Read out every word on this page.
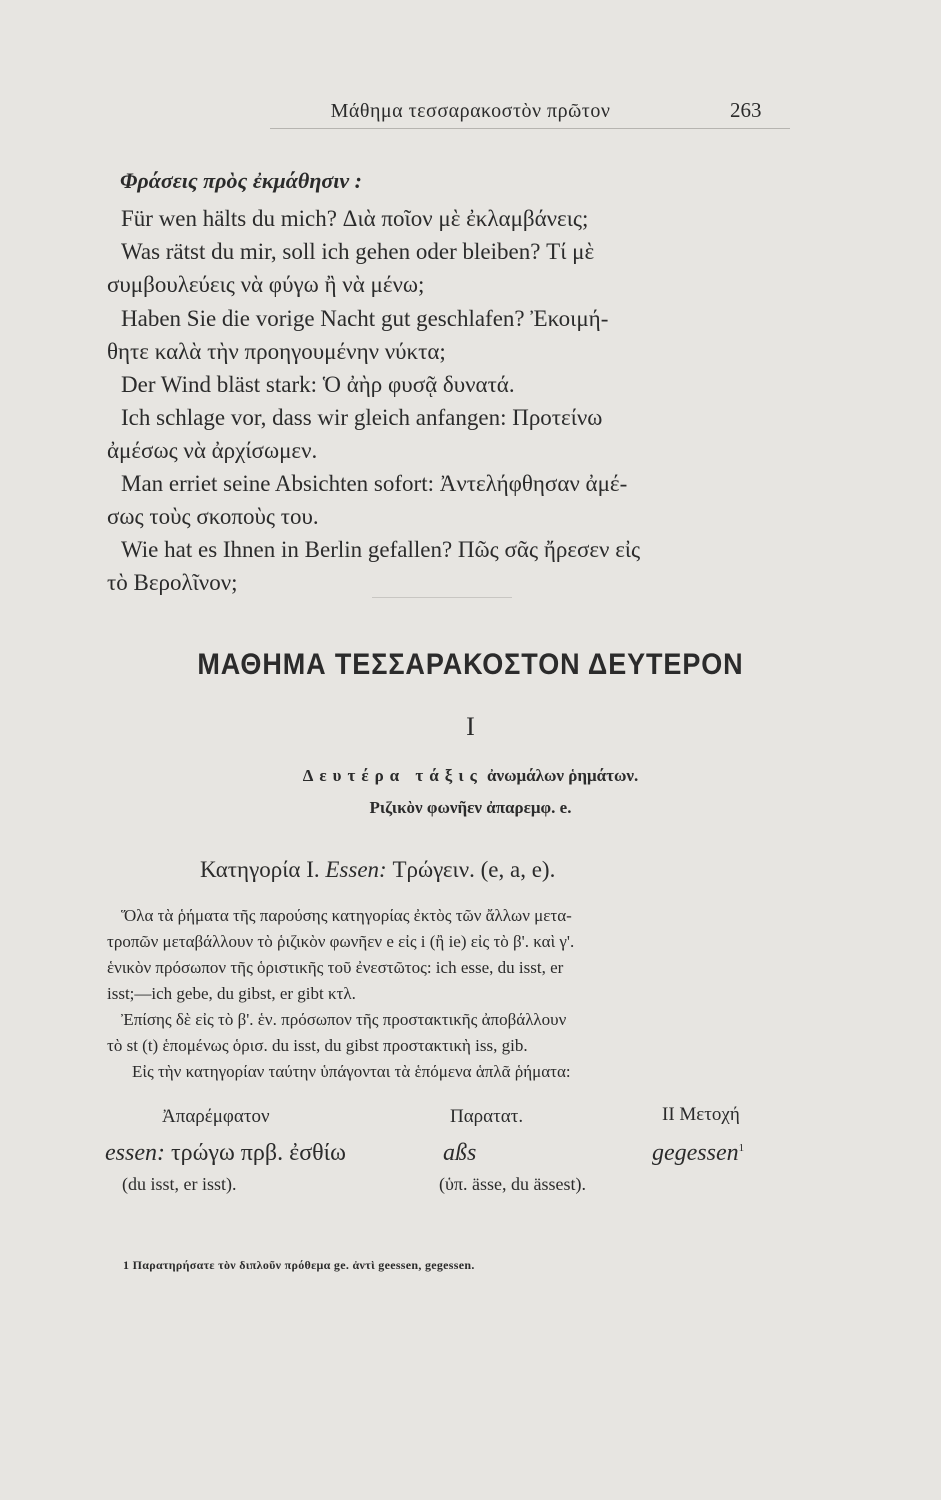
Μάθημα τεσσαρακοστὸν πρῶτον	263
Φράσεις πρὸς ἐκμάθησιν :
Für wen hälts du mich? Διὰ ποῖον μὲ ἐκλαμβάνεις;
Was rätst du mir, soll ich gehen oder bleiben? Τί μὲ
συμβουλεύεις νὰ φύγω ἢ νὰ μένω;
Haben Sie die vorige Nacht gut geschlafen? Ἐκοιμή-
θητε καλὰ τὴν προηγουμένην νύκτα;
Der Wind bläst stark: Ὁ ἀὴρ φυσᾷ δυνατά.
Ich schlage vor, dass wir gleich anfangen: Προτείνω
ἀμέσως νὰ ἀρχίσωμεν.
Man erriet seine Absichten sofort: Ἀντελήφθησαν ἀμέ-
σως τοὺς σκοποὺς του.
Wie hat es Ihnen in Berlin gefallen? Πῶς σᾶς ἤρεσεν εἰς
τὸ Βερολῖνον;
ΜΑΘΗΜΑ ΤΕΣΣΑΡΑΚΟΣΤΟΝ ΔΕΥΤΕΡΟΝ
I
Δευτέρα τάξις ἀνωμάλων ῥημάτων.
Ριζικὸν φωνῆεν ἀπαρεμφ. e.
Κατηγορία I. Essen: Τρώγειν. (e, a, e).
Ὅλα τὰ ῥήματα τῆς παρούσης κατηγορίας ἐκτὸς τῶν ἄλλων μετα-
τροπῶν μεταβάλλουν τὸ ῥιζικὸν φωνῆεν e εἰς i (ἢ ie) εἰς τὸ β'. καὶ γ'.
ἑνικὸν πρόσωπον τῆς ὁριστικῆς τοῦ ἐνεστῶτος: ich esse, du isst, er
isst;—ich gebe, du gibst, er gibt κτλ.
Ἐπίσης δὲ εἰς τὸ β'. ἑν. πρόσωπον τῆς προστακτικῆς ἀποβάλλουν
τὸ st (t) ἑπομένως ὁρισ. du isst, du gibst προστακτικὴ iss, gib.
Εἰς τὴν κατηγορίαν ταύτην ὑπάγονται τὰ ἑπόμενα ἁπλᾶ ῥήματα:
Ἀπαρέμφατον	Παρατατ.	II Μετοχή
essen: τρώγω πρβ. ἐσθίω	aßs	gegessen$^1$
(du isst, er isst).	(ὑπ. ässe, du ässest).
1 Παρατηρήσατε τὸν διπλοῦν πρόθεμα ge. ἀντὶ geessen, gegessen.
